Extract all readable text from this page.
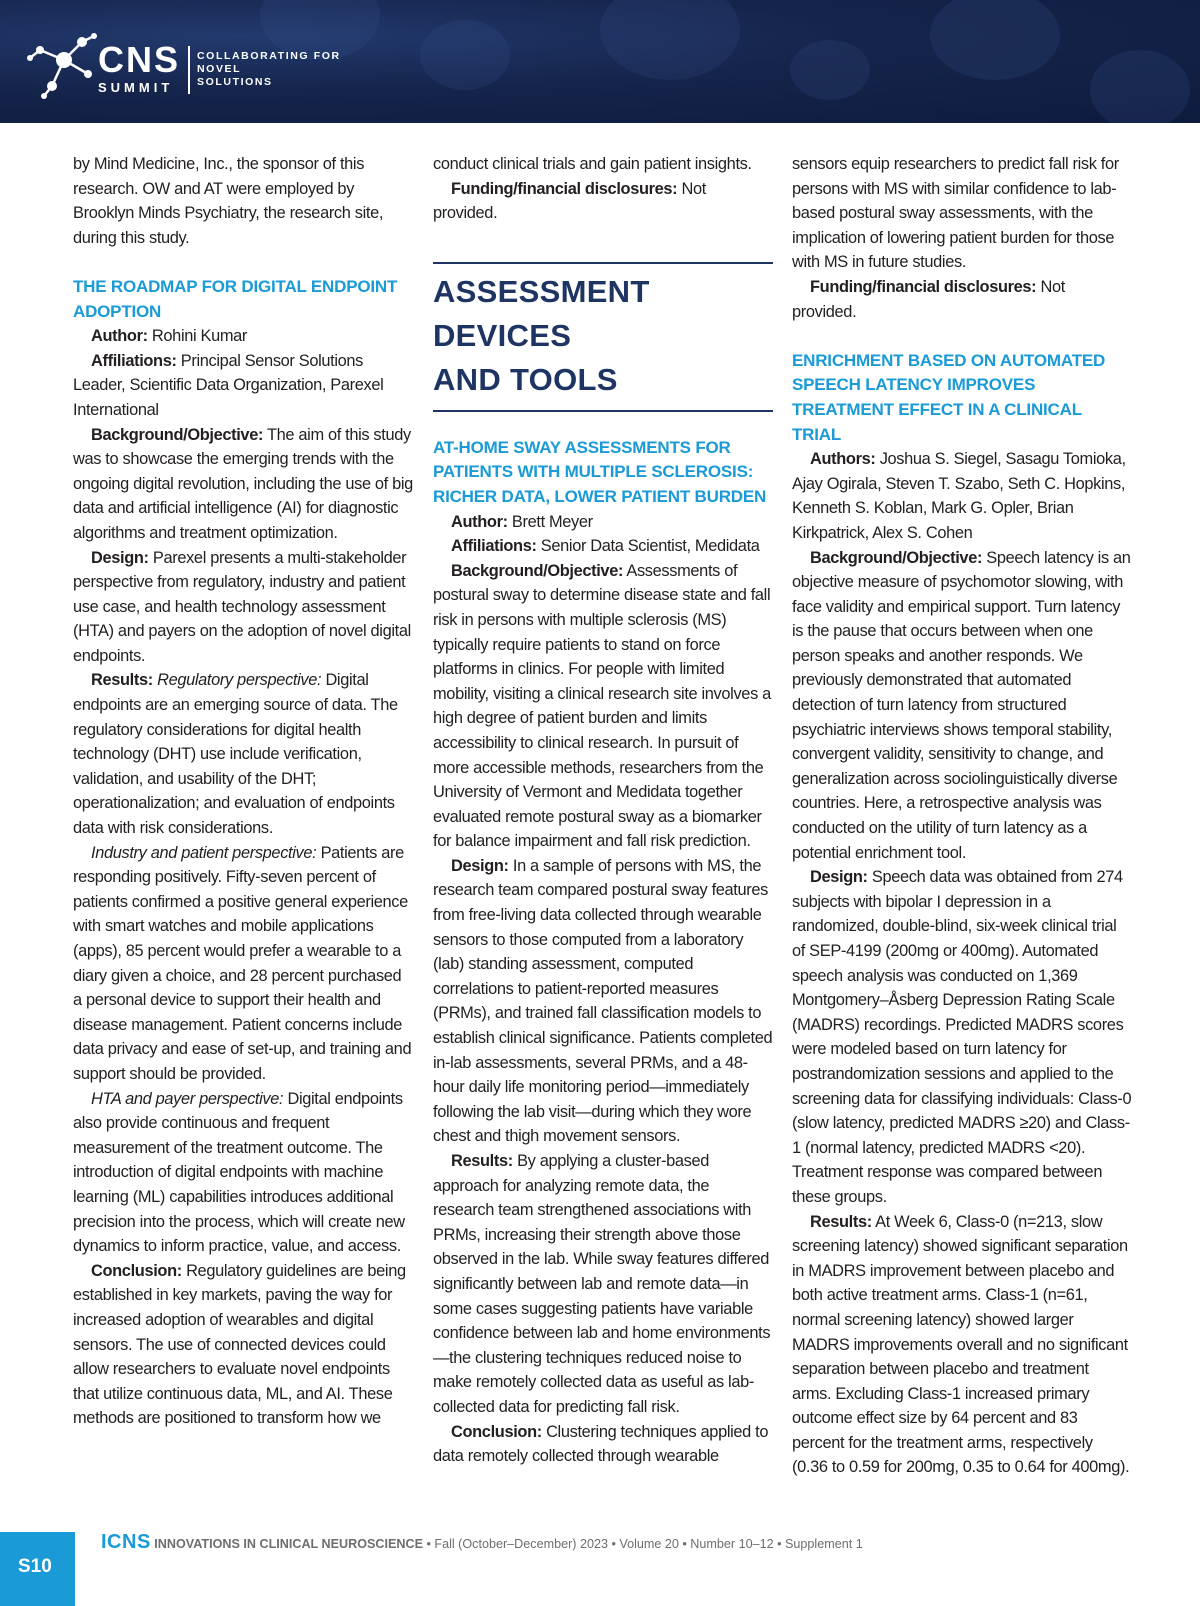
CNS
SUMMIT
COLLABORATING FOR
NOVEL
SOLUTIONS

by Mind Medicine, Inc., the sponsor of this research. OW and AT were employed by Brooklyn Minds Psychiatry, the research site, during this study.

THE ROADMAP FOR DIGITAL ENDPOINT ADOPTION

Author: Rohini Kumar

Affiliations: Principal Sensor Solutions Leader, Scientific Data Organization, Parexel International

Background/Objective: The aim of this study was to showcase the emerging trends with the ongoing digital revolution, including the use of big data and artificial intelligence (AI) for diagnostic algorithms and treatment optimization.

Design: Parexel presents a multi-stakeholder perspective from regulatory, industry and patient use case, and health technology assessment (HTA) and payers on the adoption of novel digital endpoints.

Results: Regulatory perspective: Digital endpoints are an emerging source of data. The regulatory considerations for digital health technology (DHT) use include verification, validation, and usability of the DHT; operationalization; and evaluation of endpoints data with risk considerations.

Industry and patient perspective: Patients are responding positively. Fifty-seven percent of patients confirmed a positive general experience with smart watches and mobile applications (apps), 85 percent would prefer a wearable to a diary given a choice, and 28 percent purchased a personal device to support their health and disease management. Patient concerns include data privacy and ease of set-up, and training and support should be provided.

HTA and payer perspective: Digital endpoints also provide continuous and frequent measurement of the treatment outcome. The introduction of digital endpoints with machine learning (ML) capabilities introduces additional precision into the process, which will create new dynamics to inform practice, value, and access.

Conclusion: Regulatory guidelines are being established in key markets, paving the way for increased adoption of wearables and digital sensors. The use of connected devices could allow researchers to evaluate novel endpoints that utilize continuous data, ML, and AI. These methods are positioned to transform how we

conduct clinical trials and gain patient insights.

Funding/financial disclosures: Not provided.

ASSESSMENT DEVICES
AND TOOLS

AT-HOME SWAY ASSESSMENTS FOR PATIENTS WITH MULTIPLE SCLEROSIS: RICHER DATA, LOWER PATIENT BURDEN

Author: Brett Meyer

Affiliations: Senior Data Scientist, Medidata

Background/Objective: Assessments of postural sway to determine disease state and fall risk in persons with multiple sclerosis (MS) typically require patients to stand on force platforms in clinics. For people with limited mobility, visiting a clinical research site involves a high degree of patient burden and limits accessibility to clinical research. In pursuit of more accessible methods, researchers from the University of Vermont and Medidata together evaluated remote postural sway as a biomarker for balance impairment and fall risk prediction.

Design: In a sample of persons with MS, the research team compared postural sway features from free-living data collected through wearable sensors to those computed from a laboratory (lab) standing assessment, computed correlations to patient-reported measures (PRMs), and trained fall classification models to establish clinical significance. Patients completed in-lab assessments, several PRMs, and a 48-hour daily life monitoring period—immediately following the lab visit—during which they wore chest and thigh movement sensors.

Results: By applying a cluster-based approach for analyzing remote data, the research team strengthened associations with PRMs, increasing their strength above those observed in the lab. While sway features differed significantly between lab and remote data—in some cases suggesting patients have variable confidence between lab and home environments—the clustering techniques reduced noise to make remotely collected data as useful as lab-collected data for predicting fall risk.

Conclusion: Clustering techniques applied to data remotely collected through wearable

sensors equip researchers to predict fall risk for persons with MS with similar confidence to lab-based postural sway assessments, with the implication of lowering patient burden for those with MS in future studies.

Funding/financial disclosures: Not provided.

ENRICHMENT BASED ON AUTOMATED SPEECH LATENCY IMPROVES TREATMENT EFFECT IN A CLINICAL TRIAL

Authors: Joshua S. Siegel, Sasagu Tomioka, Ajay Ogirala, Steven T. Szabo, Seth C. Hopkins, Kenneth S. Koblan, Mark G. Opler, Brian Kirkpatrick, Alex S. Cohen

Background/Objective: Speech latency is an objective measure of psychomotor slowing, with face validity and empirical support. Turn latency is the pause that occurs between when one person speaks and another responds. We previously demonstrated that automated detection of turn latency from structured psychiatric interviews shows temporal stability, convergent validity, sensitivity to change, and generalization across sociolinguistically diverse countries. Here, a retrospective analysis was conducted on the utility of turn latency as a potential enrichment tool.

Design: Speech data was obtained from 274 subjects with bipolar I depression in a randomized, double-blind, six-week clinical trial of SEP-4199 (200mg or 400mg). Automated speech analysis was conducted on 1,369 Montgomery–Åsberg Depression Rating Scale (MADRS) recordings. Predicted MADRS scores were modeled based on turn latency for postrandomization sessions and applied to the screening data for classifying individuals: Class-0 (slow latency, predicted MADRS ≥20) and Class-1 (normal latency, predicted MADRS <20). Treatment response was compared between these groups.

Results: At Week 6, Class-0 (n=213, slow screening latency) showed significant separation in MADRS improvement between placebo and both active treatment arms. Class-1 (n=61, normal screening latency) showed larger MADRS improvements overall and no significant separation between placebo and treatment arms. Excluding Class-1 increased primary outcome effect size by 64 percent and 83 percent for the treatment arms, respectively (0.36 to 0.59 for 200mg, 0.35 to 0.64 for 400mg).

S10
ICNS INNOVATIONS IN CLINICAL NEUROSCIENCE • Fall (October–December) 2023 • Volume 20 • Number 10–12 • Supplement 1
